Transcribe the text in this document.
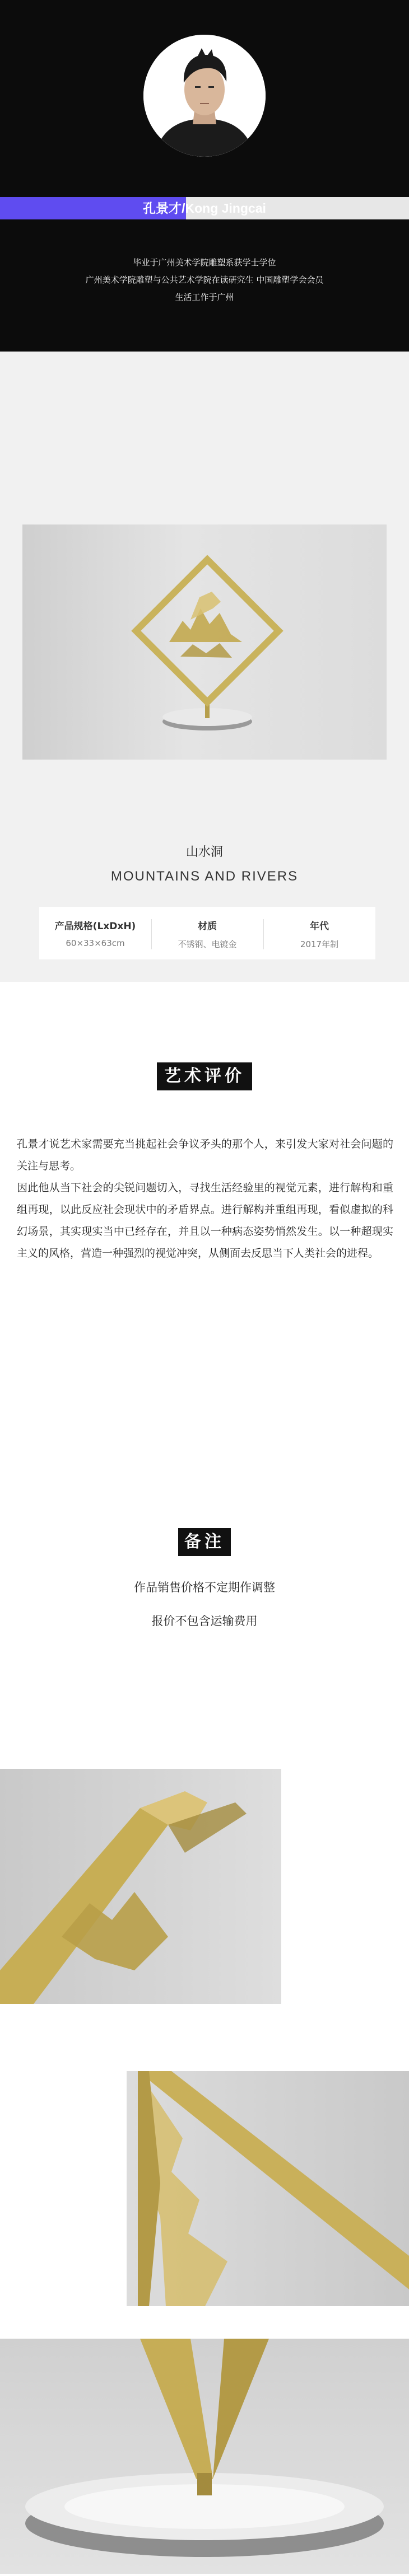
孔景才/Kong Jingcai
毕业于广州美术学院雕塑系获学士学位
广州美术学院雕塑与公共艺术学院在读研究生 中国雕塑学会会员
生活工作于广州
山水洞
MOUNTAINS AND RIVERS
产品规格(LxDxH)
60×33×63cm
材质
不锈钢、电镀金
年代
2017年制
艺术评价

孔景才说艺术家需要充当挑起社会争议矛头的那个人，来引发大家对社会问题的关注与思考。

因此他从当下社会的尖锐问题切入，寻找生活经验里的视觉元素，进行解构和重组再现，以此反应社会现状中的矛盾界点。进行解构并重组再现，看似虚拟的科幻场景，其实现实当中已经存在，并且以一种病态姿势悄然发生。以一种超现实主义的风格，营造一种强烈的视觉冲突，从侧面去反思当下人类社会的进程。

备注
作品销售价格不定期作调整
报价不包含运输费用
